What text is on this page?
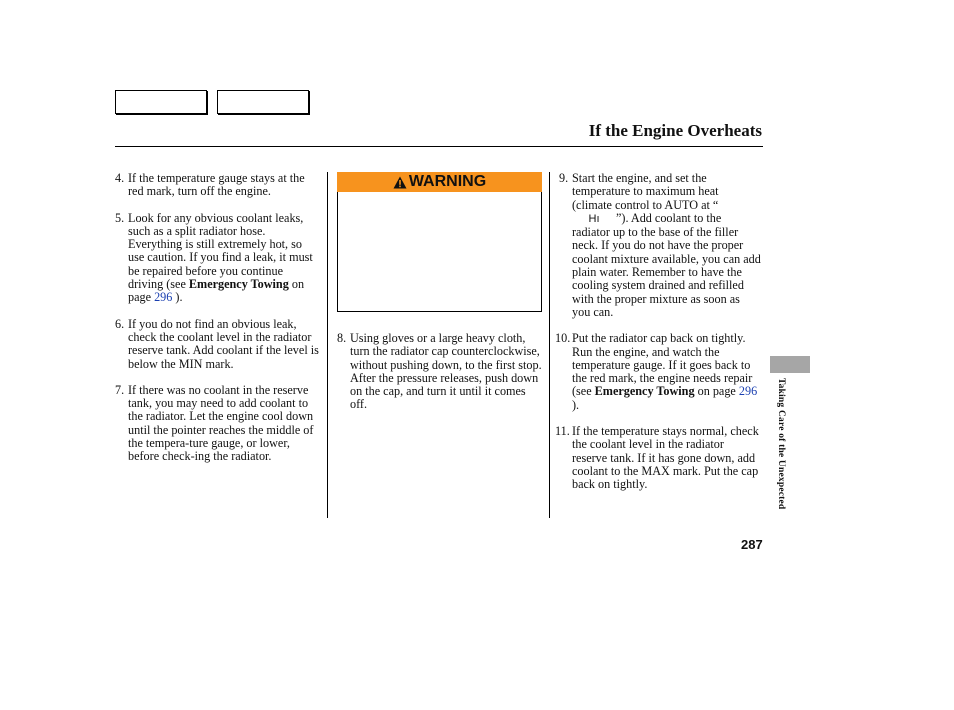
If the Engine Overheats
4. If the temperature gauge stays at the red mark, turn off the engine.
5. Look for any obvious coolant leaks, such as a split radiator hose. Everything is still extremely hot, so use caution. If you find a leak, it must be repaired before you continue driving (see Emergency Towing on page 296 ).
6. If you do not find an obvious leak, check the coolant level in the radiator reserve tank. Add coolant if the level is below the MIN mark.
7. If there was no coolant in the reserve tank, you may need to add coolant to the radiator. Let the engine cool down until the pointer reaches the middle of the tempera-ture gauge, or lower, before check-ing the radiator.
WARNING
8. Using gloves or a large heavy cloth, turn the radiator cap counterclockwise, without pushing down, to the first stop. After the pressure releases, push down on the cap, and turn it until it comes off.
9. Start the engine, and set the temperature to maximum heat (climate control to AUTO at “Hı ”). Add coolant to the radiator up to the base of the filler neck. If you do not have the proper coolant mixture available, you can add plain water. Remember to have the cooling system drained and refilled with the proper mixture as soon as you can.
10. Put the radiator cap back on tightly. Run the engine, and watch the temperature gauge. If it goes back to the red mark, the engine needs repair (see Emergency Towing on page 296 ).
11. If the temperature stays normal, check the coolant level in the radiator reserve tank. If it has gone down, add coolant to the MAX mark. Put the cap back on tightly.	Taking Care of the Unexpected
287
